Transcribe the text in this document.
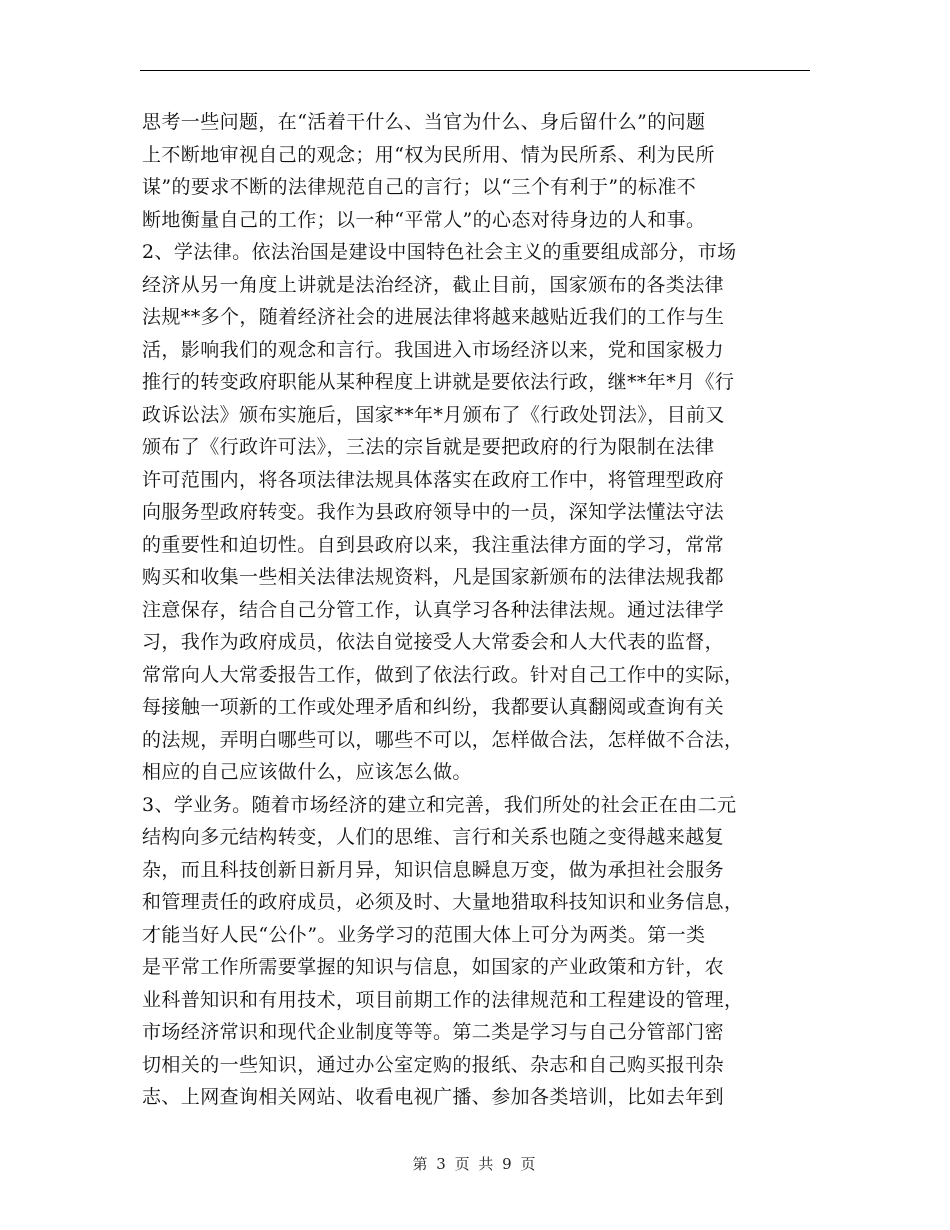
思考一些问题，在“活着干什么、当官为什么、身后留什么”的问题
上不断地审视自己的观念；用“权为民所用、情为民所系、利为民所
谋”的要求不断的法律规范自己的言行；以“三个有利于”的标准不
断地衡量自己的工作；以一种“平常人”的心态对待身边的人和事。
2、学法律。依法治国是建设中国特色社会主义的重要组成部分，市场
经济从另一角度上讲就是法治经济，截止目前，国家颁布的各类法律
法规**多个，随着经济社会的进展法律将越来越贴近我们的工作与生
活，影响我们的观念和言行。我国进入市场经济以来，党和国家极力
推行的转变政府职能从某种程度上讲就是要依法行政，继**年*月《行
政诉讼法》颁布实施后，国家**年*月颁布了《行政处罚法》，目前又
颁布了《行政许可法》，三法的宗旨就是要把政府的行为限制在法律
许可范围内，将各项法律法规具体落实在政府工作中，将管理型政府
向服务型政府转变。我作为县政府领导中的一员，深知学法懂法守法
的重要性和迫切性。自到县政府以来，我注重法律方面的学习，常常
购买和收集一些相关法律法规资料，凡是国家新颁布的法律法规我都
注意保存，结合自己分管工作，认真学习各种法律法规。通过法律学
习，我作为政府成员，依法自觉接受人大常委会和人大代表的监督，
常常向人大常委报告工作，做到了依法行政。针对自己工作中的实际，
每接触一项新的工作或处理矛盾和纠纷，我都要认真翻阅或查询有关
的法规，弄明白哪些可以，哪些不可以，怎样做合法，怎样做不合法，
相应的自己应该做什么，应该怎么做。
3、学业务。随着市场经济的建立和完善，我们所处的社会正在由二元
结构向多元结构转变，人们的思维、言行和关系也随之变得越来越复
杂，而且科技创新日新月异，知识信息瞬息万变，做为承担社会服务
和管理责任的政府成员，必须及时、大量地猎取科技知识和业务信息，
才能当好人民“公仆”。业务学习的范围大体上可分为两类。第一类
是平常工作所需要掌握的知识与信息，如国家的产业政策和方针，农
业科普知识和有用技术，项目前期工作的法律规范和工程建设的管理，
市场经济常识和现代企业制度等等。第二类是学习与自己分管部门密
切相关的一些知识，通过办公室定购的报纸、杂志和自己购买报刊杂
志、上网查询相关网站、收看电视广播、参加各类培训，比如去年到
第 3 页 共 9 页
